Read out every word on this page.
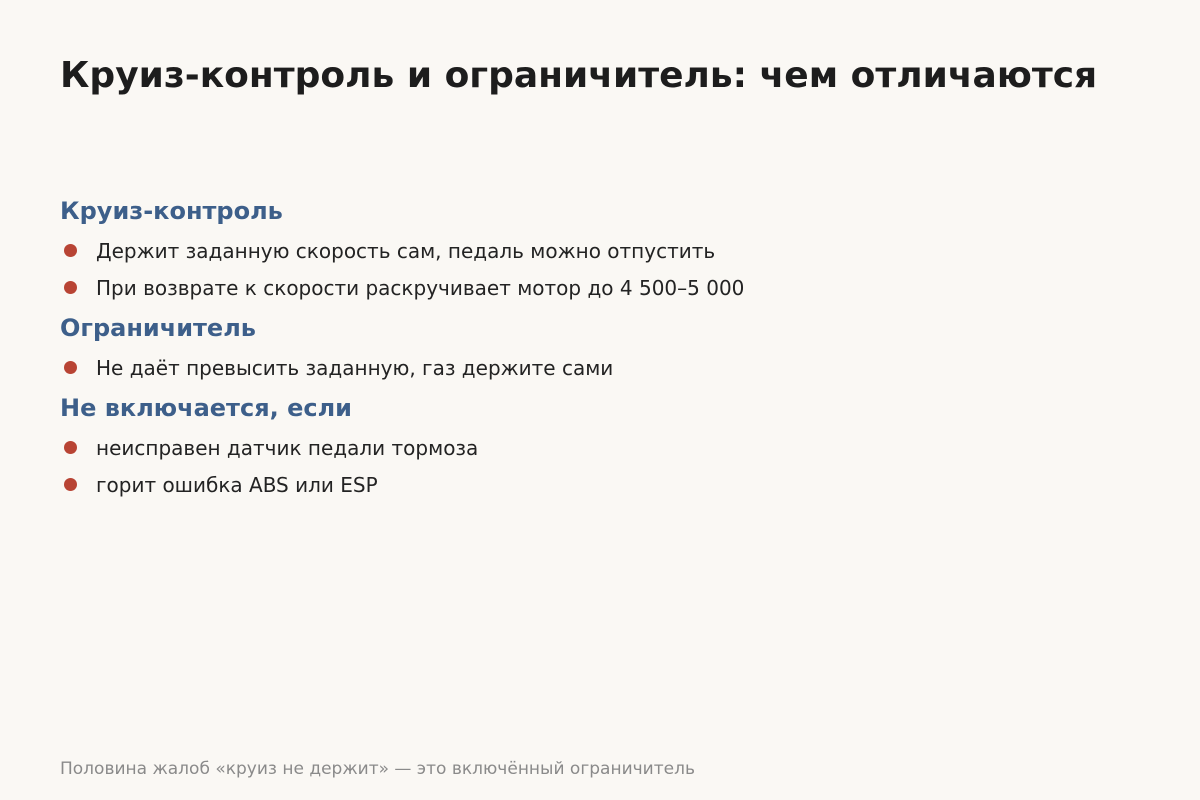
Круиз-контроль и ограничитель: чем отличаются
Круиз-контроль
Держит заданную скорость сам, педаль можно отпустить
При возврате к скорости раскручивает мотор до 4 500–5 000
Ограничитель
Не даёт превысить заданную, газ держите сами
Не включается, если
неисправен датчик педали тормоза
горит ошибка ABS или ESP

Половина жалоб «круиз не держит» — это включённый ограничитель
